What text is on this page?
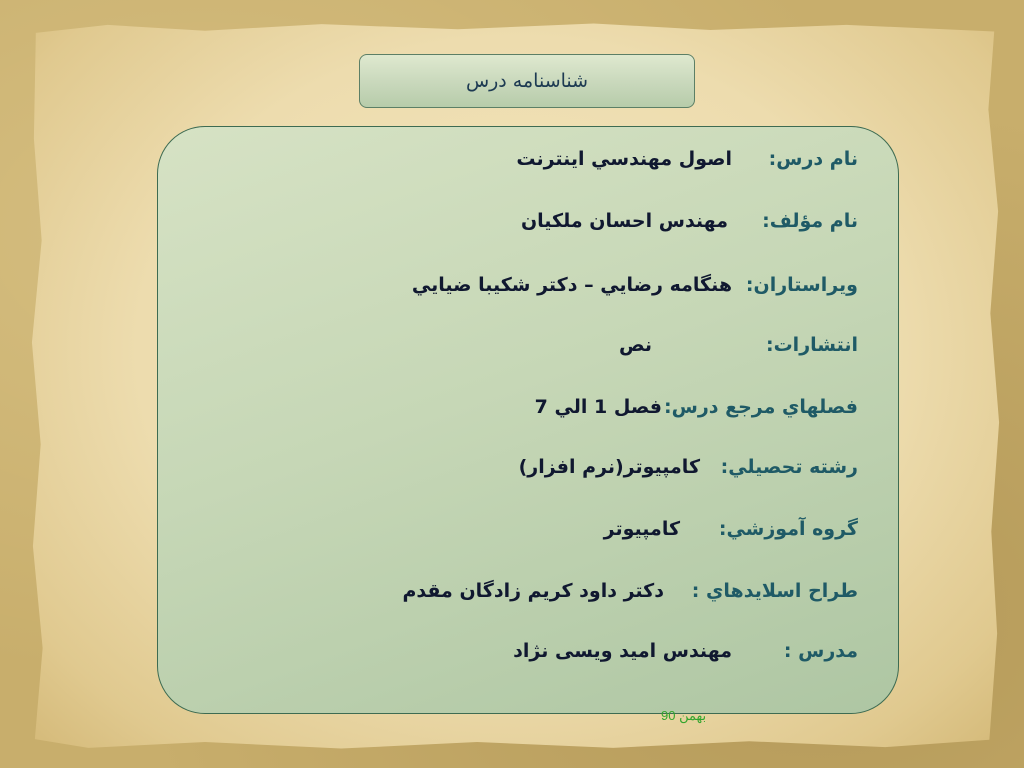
شناسنامه درس
نام درس:
اصول مهندسي اينترنت
نام مؤلف:
مهندس احسان ملكيان
ويراستاران:
هنگامه رضايي – دكتر شكيبا ضيايي
انتشارات:
نص
فصلهاي مرجع درس:
فصل 1 الي 7
رشته تحصيلي:
كامپيوتر(نرم افزار)
گروه آموزشي:
كامپيوتر
طراح اسلايدهاي :
دكتر داود كريم زادگان مقدم
مدرس :
مهندس امید ویسی نژاد
بهمن 90
